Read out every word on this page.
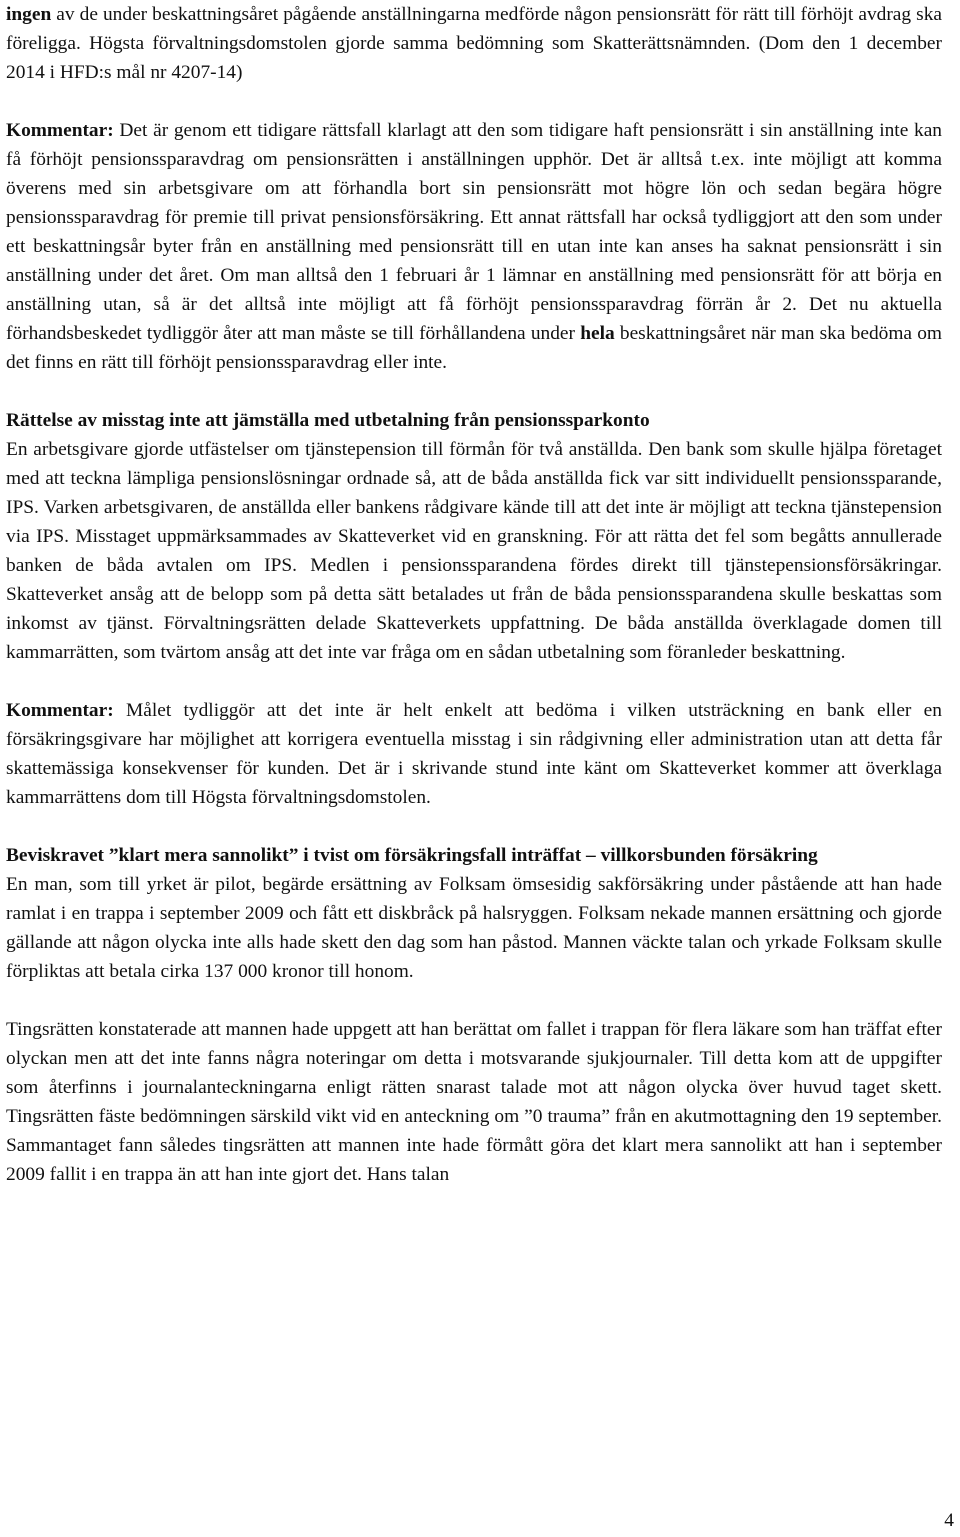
ingen av de under beskattningsåret pågående anställningarna medförde någon pensionsrätt för rätt till förhöjt avdrag ska föreligga. Högsta förvaltningsdomstolen gjorde samma bedömning som Skatterättsnämnden. (Dom den 1 december 2014 i HFD:s mål nr 4207-14)

Kommentar: Det är genom ett tidigare rättsfall klarlagt att den som tidigare haft pensionsrätt i sin anställning inte kan få förhöjt pensionssparavdrag om pensionsrätten i anställningen upphör. Det är alltså t.ex. inte möjligt att komma överens med sin arbetsgivare om att förhandla bort sin pensionsrätt mot högre lön och sedan begära högre pensionssparavdrag för premie till privat pensionsförsäkring. Ett annat rättsfall har också tydliggjort att den som under ett beskattningsår byter från en anställning med pensionsrätt till en utan inte kan anses ha saknat pensionsrätt i sin anställning under det året. Om man alltså den 1 februari år 1 lämnar en anställning med pensionsrätt för att börja en anställning utan, så är det alltså inte möjligt att få förhöjt pensionssparavdrag förrän år 2. Det nu aktuella förhandsbeskedet tydliggör åter att man måste se till förhållandena under hela beskattningsåret när man ska bedöma om det finns en rätt till förhöjt pensionssparavdrag eller inte.

Rättelse av misstag inte att jämställa med utbetalning från pensionssparkonto

En arbetsgivare gjorde utfästelser om tjänstepension till förmån för två anställda. Den bank som skulle hjälpa företaget med att teckna lämpliga pensionslösningar ordnade så, att de båda anställda fick var sitt individuellt pensionssparande, IPS. Varken arbetsgivaren, de anställda eller bankens rådgivare kände till att det inte är möjligt att teckna tjänstepension via IPS. Misstaget uppmärksammades av Skatteverket vid en granskning. För att rätta det fel som begåtts annullerade banken de båda avtalen om IPS. Medlen i pensionssparandena fördes direkt till tjänstepensionsförsäkringar. Skatteverket ansåg att de belopp som på detta sätt betalades ut från de båda pensionssparandena skulle beskattas som inkomst av tjänst. Förvaltningsrätten delade Skatteverkets uppfattning. De båda anställda överklagade domen till kammarrätten, som tvärtom ansåg att det inte var fråga om en sådan utbetalning som föranleder beskattning.

Kommentar: Målet tydliggör att det inte är helt enkelt att bedöma i vilken utsträckning en bank eller en försäkringsgivare har möjlighet att korrigera eventuella misstag i sin rådgivning eller administration utan att detta får skattemässiga konsekvenser för kunden. Det är i skrivande stund inte känt om Skatteverket kommer att överklaga kammarrättens dom till Högsta förvaltningsdomstolen.

Beviskravet ”klart mera sannolikt” i tvist om försäkringsfall inträffat – villkorsbunden försäkring

En man, som till yrket är pilot, begärde ersättning av Folksam ömsesidig sakförsäkring under påstående att han hade ramlat i en trappa i september 2009 och fått ett diskbråck på halsryggen. Folksam nekade mannen ersättning och gjorde gällande att någon olycka inte alls hade skett den dag som han påstod. Mannen väckte talan och yrkade Folksam skulle förpliktas att betala cirka 137 000 kronor till honom.

Tingsrätten konstaterade att mannen hade uppgett att han berättat om fallet i trappan för flera läkare som han träffat efter olyckan men att det inte fanns några noteringar om detta i motsvarande sjukjournaler. Till detta kom att de uppgifter som återfinns i journalanteckningarna enligt rätten snarast talade mot att någon olycka över huvud taget skett. Tingsrätten fäste bedömningen särskild vikt vid en anteckning om ”0 trauma” från en akutmottagning den 19 september. Sammantaget fann således tingsrätten att mannen inte hade förmått göra det klart mera sannolikt att han i september 2009 fallit i en trappa än att han inte gjort det. Hans talan

4
